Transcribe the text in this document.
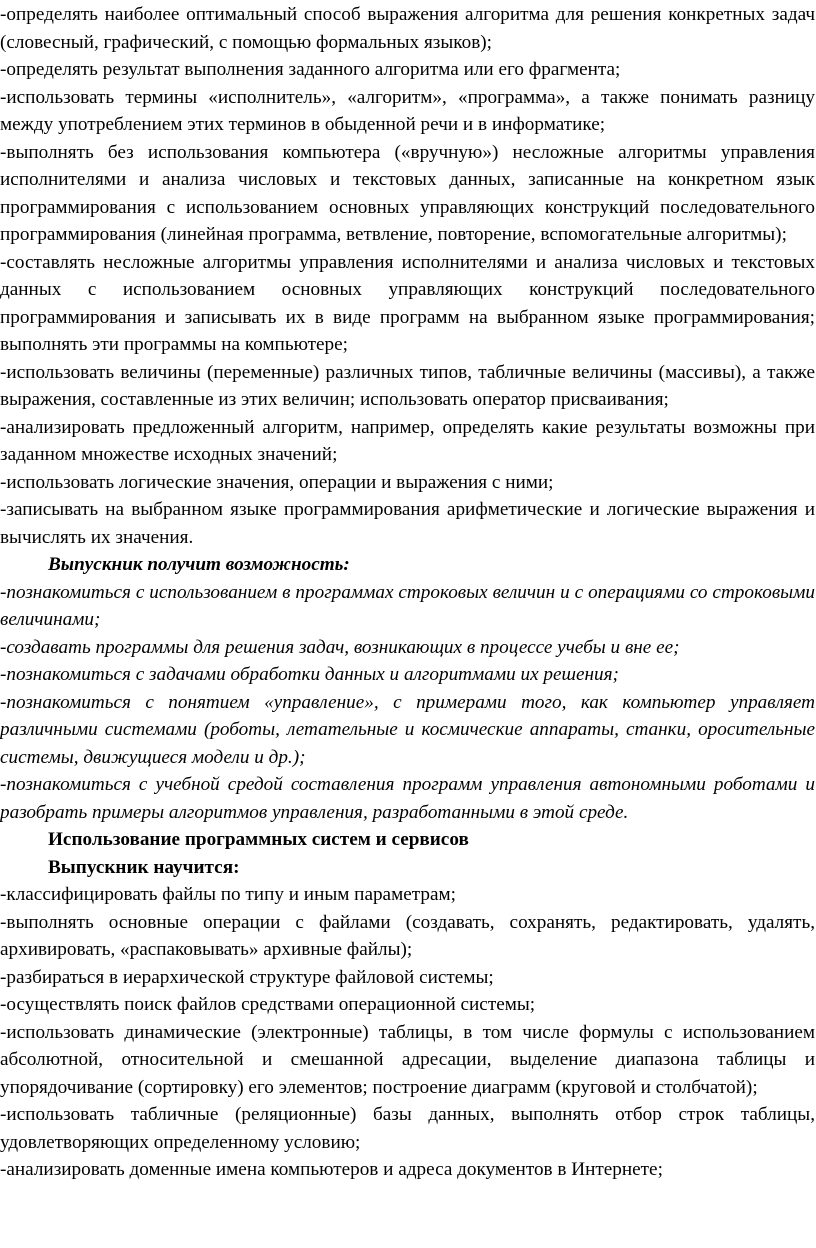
-определять наиболее оптимальный способ выражения алгоритма для решения конкретных задач (словесный, графический, с помощью формальных языков);

-определять результат выполнения заданного алгоритма или его фрагмента;

-использовать термины «исполнитель», «алгоритм», «программа», а также понимать разницу между употреблением этих терминов в обыденной речи и в информатике;

-выполнять без использования компьютера («вручную») несложные алгоритмы управления исполнителями и анализа числовых и текстовых данных, записанные на конкретном язык программирования с использованием основных управляющих конструкций последовательного программирования (линейная программа, ветвление, повторение, вспомогательные алгоритмы);

-составлять несложные алгоритмы управления исполнителями и анализа числовых и текстовых данных с использованием основных управляющих конструкций последовательного программирования и записывать их в виде программ на выбранном языке программирования; выполнять эти программы на компьютере;

-использовать величины (переменные) различных типов, табличные величины (массивы), а также выражения, составленные из этих величин; использовать оператор присваивания;

-анализировать предложенный алгоритм, например, определять какие результаты возможны при заданном множестве исходных значений;

-использовать логические значения, операции и выражения с ними;

-записывать на выбранном языке программирования арифметические и логические выражения и вычислять их значения.

Выпускник получит возможность:

-познакомиться с использованием в программах строковых величин и с операциями со строковыми величинами;

-создавать программы для решения задач, возникающих в процессе учебы и вне ее;

-познакомиться с задачами обработки данных и алгоритмами их решения;

-познакомиться с понятием «управление», с примерами того, как компьютер управляет различными системами (роботы, летательные и космические аппараты, станки, оросительные системы, движущиеся модели и др.);

-познакомиться с учебной средой составления программ управления автономными роботами и разобрать примеры алгоритмов управления, разработанными в этой среде.

Использование программных систем и сервисов

Выпускник научится:

-классифицировать файлы по типу и иным параметрам;

-выполнять основные операции с файлами (создавать, сохранять, редактировать, удалять, архивировать, «распаковывать» архивные файлы);

-разбираться в иерархической структуре файловой системы;

-осуществлять поиск файлов средствами операционной системы;

-использовать динамические (электронные) таблицы, в том числе формулы с использованием абсолютной, относительной и смешанной адресации, выделение диапазона таблицы и упорядочивание (сортировку) его элементов; построение диаграмм (круговой и столбчатой);

-использовать табличные (реляционные) базы данных, выполнять отбор строк таблицы, удовлетворяющих определенному условию;

-анализировать доменные имена компьютеров и адреса документов в Интернете;
